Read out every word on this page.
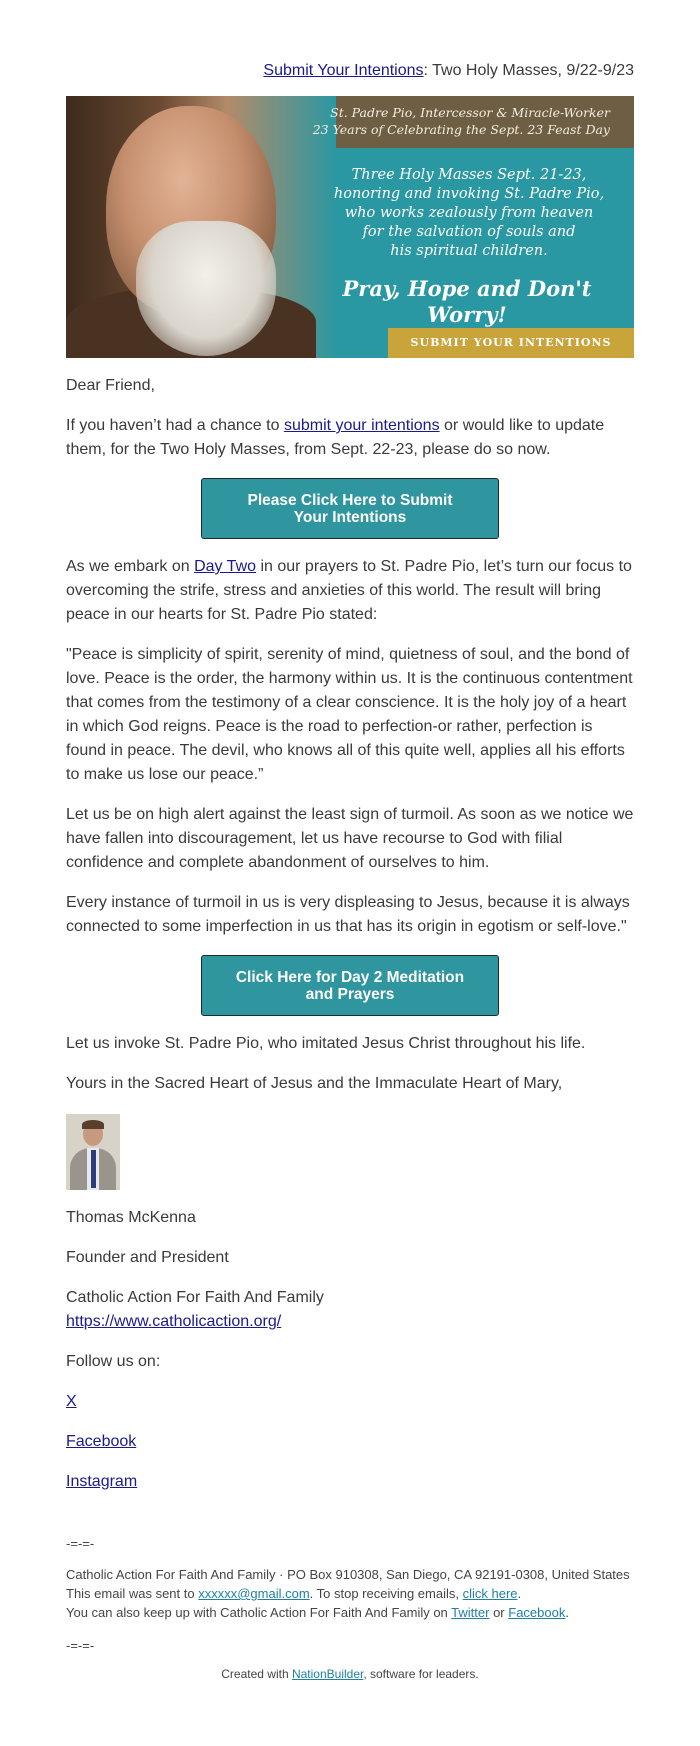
Submit Your Intentions: Two Holy Masses, 9/22-9/23
St. Padre Pio, Intercessor & Miracle-Worker
23 Years of Celebrating the Sept. 23 Feast Day
Three Holy Masses Sept. 21-23,
honoring and invoking St. Padre Pio,
who works zealously from heaven
for the salvation of souls and
his spiritual children.
Pray, Hope and Don't Worry!
SUBMIT YOUR INTENTIONS

Dear Friend,

If you haven’t had a chance to submit your intentions or would like to update them, for the Two Holy Masses, from Sept. 22-23, please do so now.

Please Click Here to Submit
Your Intentions

As we embark on Day Two in our prayers to St. Padre Pio, let’s turn our focus to overcoming the strife, stress and anxieties of this world. The result will bring peace in our hearts for St. Padre Pio stated:

"Peace is simplicity of spirit, serenity of mind, quietness of soul, and the bond of love. Peace is the order, the harmony within us. It is the continuous contentment that comes from the testimony of a clear conscience. It is the holy joy of a heart in which God reigns. Peace is the road to perfection-or rather, perfection is found in peace. The devil, who knows all of this quite well, applies all his efforts to make us lose our peace.”

Let us be on high alert against the least sign of turmoil. As soon as we notice we have fallen into discouragement, let us have recourse to God with filial confidence and complete abandonment of ourselves to him.

Every instance of turmoil in us is very displeasing to Jesus, because it is always connected to some imperfection in us that has its origin in egotism or self-love."

Click Here for Day 2 Meditation
and Prayers

Let us invoke St. Padre Pio, who imitated Jesus Christ throughout his life.

Yours in the Sacred Heart of Jesus and the Immaculate Heart of Mary,

Thomas McKenna

Founder and President

Catholic Action For Faith And Family
https://www.catholicaction.org/

Follow us on:

X

Facebook

Instagram

-=-=-
Catholic Action For Faith And Family · PO Box 910308, San Diego, CA 92191-0308, United States
This email was sent to xxxxxx@gmail.com. To stop receiving emails, click here.
You can also keep up with Catholic Action For Faith And Family on Twitter or Facebook.
-=-=-
Created with NationBuilder, software for leaders.
